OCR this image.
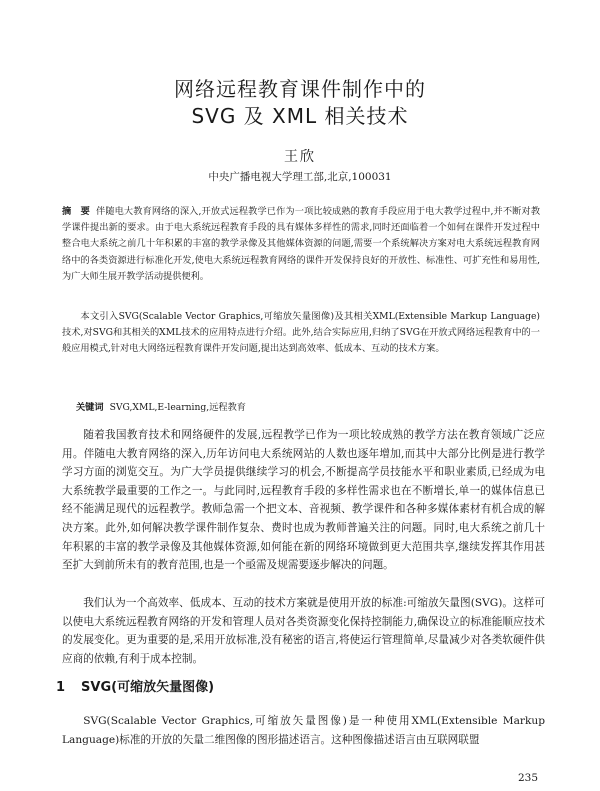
网络远程教育课件制作中的
SVG 及 XML 相关技术
王欣
中央广播电视大学理工部,北京,100031

摘　要 伴随电大教育网络的深入,开放式远程教学已作为一项比较成熟的教育手段应用于电大教学过程中,并不断对教学课件提出新的要求。由于电大系统远程教育手段的具有媒体多样性的需求,同时还面临着一个如何在课件开发过程中整合电大系统之前几十年积累的丰富的教学录像及其他媒体资源的问题,需要一个系统解决方案对电大系统远程教育网络中的各类资源进行标准化开发,使电大系统远程教育网络的课件开发保持良好的开放性、标准性、可扩充性和易用性,为广大师生展开教学活动提供便利。

本文引入SVG(Scalable Vector Graphics,可缩放矢量图像)及其相关XML(Extensible Markup Language)技术,对SVG和其相关的XML技术的应用特点进行介绍。此外,结合实际应用,归纳了SVG在开放式网络远程教育中的一般应用模式,针对电大网络远程教育课件开发问题,提出达到高效率、低成本、互动的技术方案。

关键词 SVG,XML,E-learning,远程教育

随着我国教育技术和网络硬件的发展,远程教学已作为一项比较成熟的教学方法在教育领域广泛应用。伴随电大教育网络的深入,历年访问电大系统网站的人数也逐年增加,而其中大部分比例是进行教学学习方面的浏览交互。为广大学员提供继续学习的机会,不断提高学员技能水平和职业素质,已经成为电大系统教学最重要的工作之一。与此同时,远程教育手段的多样性需求也在不断增长,单一的媒体信息已经不能满足现代的远程教学。教师急需一个把文本、音视频、教学课件和各种多媒体素材有机合成的解决方案。此外,如何解决教学课件制作复杂、费时也成为教师普遍关注的问题。同时,电大系统之前几十年积累的丰富的教学录像及其他媒体资源,如何能在新的网络环境做到更大范围共享,继续发挥其作用甚至扩大到前所未有的教育范围,也是一个亟需及规需要逐步解决的问题。

我们认为一个高效率、低成本、互动的技术方案就是使用开放的标准:可缩放矢量图(SVG)。这样可以使电大系统远程教育网络的开发和管理人员对各类资源变化保持控制能力,确保设立的标准能顺应技术的发展变化。更为重要的是,采用开放标准,没有秘密的语言,将使运行管理简单,尽量减少对各类软硬件供应商的依赖,有利于成本控制。

1 SVG(可缩放矢量图像)

SVG(Scalable Vector Graphics,可缩放矢量图像)是一种使用XML(Extensible Markup Language)标准的开放的矢量二维图像的图形描述语言。这种图像描述语言由互联网联盟

235
